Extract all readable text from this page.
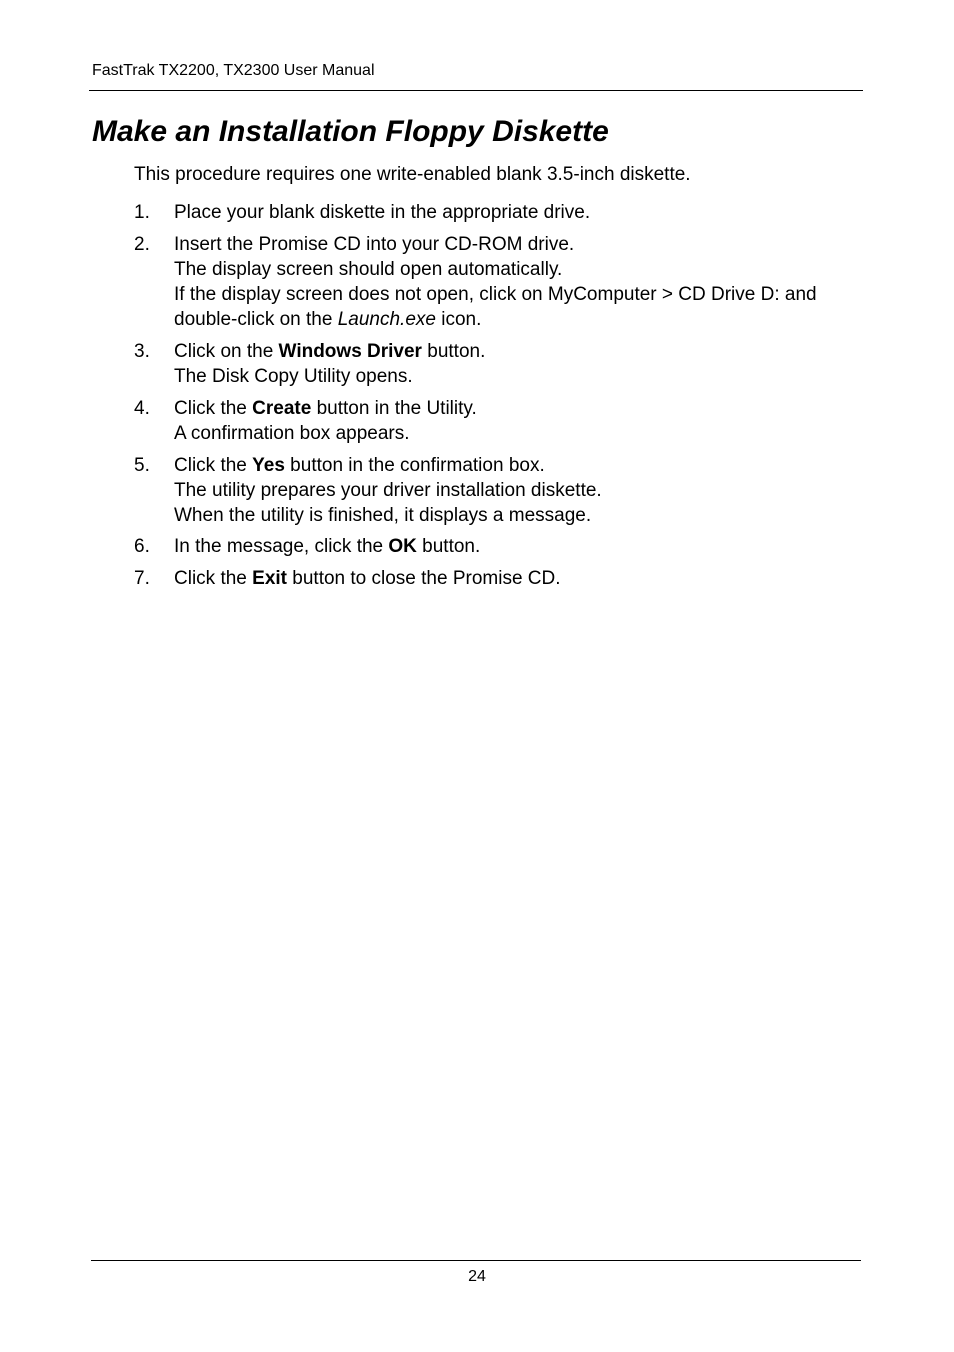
FastTrak TX2200, TX2300 User Manual
Make an Installation Floppy Diskette

This procedure requires one write-enabled blank 3.5-inch diskette.

1. Place your blank diskette in the appropriate drive.
2. Insert the Promise CD into your CD-ROM drive.
The display screen should open automatically.
If the display screen does not open, click on MyComputer > CD Drive D: and
double-click on the Launch.exe icon.
3. Click on the Windows Driver button.
The Disk Copy Utility opens.
4. Click the Create button in the Utility.
A confirmation box appears.
5. Click the Yes button in the confirmation box.
The utility prepares your driver installation diskette.
When the utility is finished, it displays a message.
6. In the message, click the OK button.
7. Click the Exit button to close the Promise CD.
24
